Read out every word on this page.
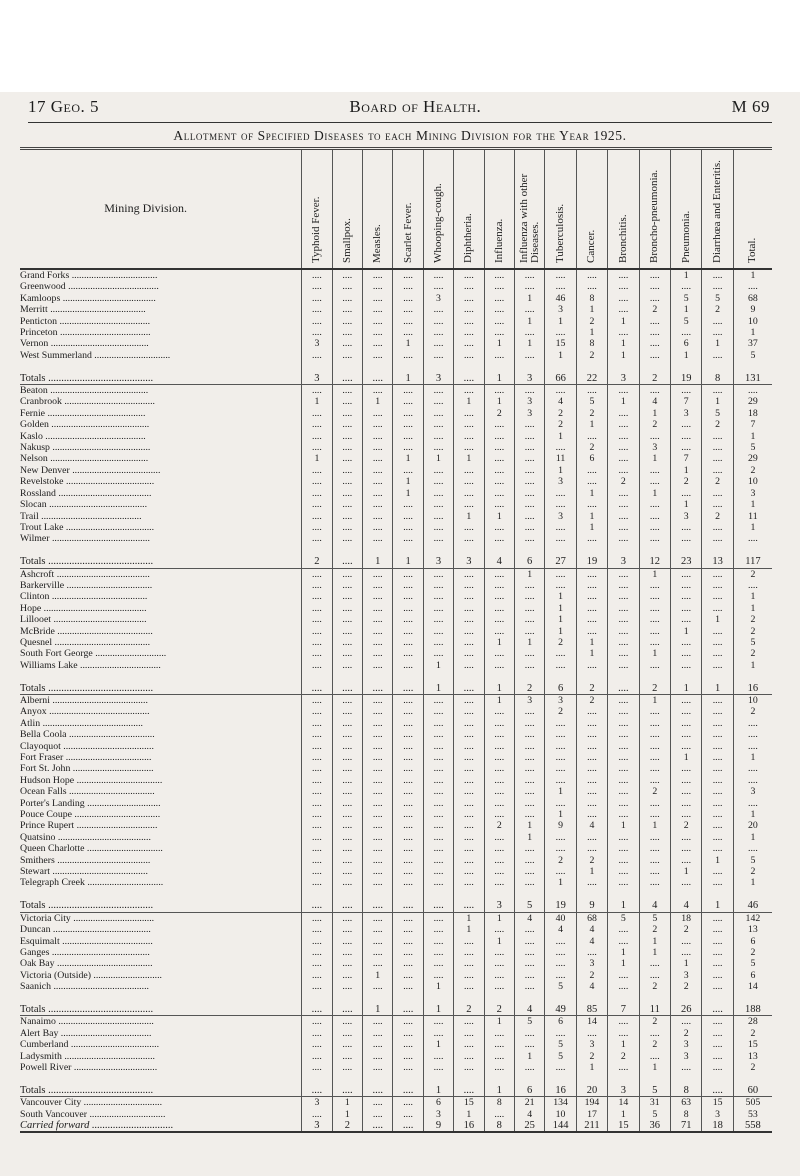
17 Geo. 5	Board of Health.	M 69
Allotment of Specified Diseases to each Mining Division for the Year 1925.
Mining Division.	Typhoid Fever.	Smallpox.	Measles.	Scarlet Fever.	Whooping-cough.	Diphtheria.	Influenza.	Influenza with other Diseases.	Tuberculosis.	Cancer.	Bronchitis.	Broncho-pneumonia.	Pneumonia.	Diarrhœa and Enteritis.	Total.

Grand Forks ...................................	....	....	....	....	....	....	....	....	....	....	....	....	1	....	1
Greenwood .....................................	....	....	....	....	....	....	....	....	....	....	....	....	....	....	....
Kamloops ......................................	....	....	....	....	3	....	....	1	46	8	....	....	5	5	68
Merritt .......................................	....	....	....	....	....	....	....	....	3	1	....	2	1	2	9
Penticton .....................................	....	....	....	....	....	....	....	1	1	2	1	....	5	....	10
Princeton .....................................	....	....	....	....	....	....	....	....	....	1	....	....	....	....	1
Vernon ........................................	3	....	....	1	....	....	1	1	15	8	1	....	6	1	37
West Summerland ...............................	....	....	....	....	....	....	....	....	1	2	1	....	1	....	5

Totals ........................................	3	....	....	1	3	....	1	3	66	22	3	2	19	8	131
Beaton ........................................	....	....	....	....	....	....	....	....	....	....	....	....	....	....	....
Cranbrook .....................................	1	....	1	....	....	1	1	3	4	5	1	4	7	1	29
Fernie ........................................	....	....	....	....	....	....	2	3	2	2	....	1	3	5	18
Golden ........................................	....	....	....	....	....	....	....	....	2	1	....	2	....	2	7
Kaslo .........................................	....	....	....	....	....	....	....	....	1	....	....	....	....	....	1
Nakusp ........................................	....	....	....	....	....	....	....	....	....	2	....	3	....	....	5
Nelson ........................................	1	....	....	1	1	1	....	....	11	6	....	1	7	....	29
New Denver ....................................	....	....	....	....	....	....	....	....	1	....	....	....	1	....	2
Revelstoke ....................................	....	....	....	1	....	....	....	....	3	....	2	....	2	2	10
Rossland ......................................	....	....	....	1	....	....	....	....	....	1	....	1	....	....	3
Slocan ........................................	....	....	....	....	....	....	....	....	....	....	....	....	1	....	1
Trail .........................................	....	....	....	....	....	1	1	....	3	1	....	....	3	2	11
Trout Lake ....................................	....	....	....	....	....	....	....	....	....	1	....	....	....	....	1
Wilmer ........................................	....	....	....	....	....	....	....	....	....	....	....	....	....	....	....

Totals ........................................	2	....	1	1	3	3	4	6	27	19	3	12	23	13	117
Ashcroft ......................................	....	....	....	....	....	....	....	1	....	....	....	1	....	....	2
Barkerville ...................................	....	....	....	....	....	....	....	....	....	....	....	....	....	....	....
Clinton .......................................	....	....	....	....	....	....	....	....	1	....	....	....	....	....	1
Hope ..........................................	....	....	....	....	....	....	....	....	1	....	....	....	....	....	1
Lillooet ......................................	....	....	....	....	....	....	....	....	1	....	....	....	....	1	2
McBride .......................................	....	....	....	....	....	....	....	....	1	....	....	....	1	....	2
Quesnel .......................................	....	....	....	....	....	....	1	1	2	1	....	....	....	....	5
South Fort George .............................	....	....	....	....	....	....	....	....	....	1	....	1	....	....	2
Williams Lake .................................	....	....	....	....	1	....	....	....	....	....	....	....	....	....	1

Totals ........................................	....	....	....	....	1	....	1	2	6	2	....	2	1	1	16
Alberni .......................................	....	....	....	....	....	....	1	3	3	2	....	1	....	....	10
Anyox .........................................	....	....	....	....	....	....	....	....	2	....	....	....	....	....	2
Atlin .........................................	....	....	....	....	....	....	....	....	....	....	....	....	....	....	....
Bella Coola ...................................	....	....	....	....	....	....	....	....	....	....	....	....	....	....	....
Clayoquot .....................................	....	....	....	....	....	....	....	....	....	....	....	....	....	....	....
Fort Fraser ...................................	....	....	....	....	....	....	....	....	....	....	....	....	1	....	1
Fort St. John .................................	....	....	....	....	....	....	....	....	....	....	....	....	....	....	....
Hudson Hope ...................................	....	....	....	....	....	....	....	....	....	....	....	....	....	....	....
Ocean Falls ...................................	....	....	....	....	....	....	....	....	1	....	....	2	....	....	3
Porter's Landing ..............................	....	....	....	....	....	....	....	....	....	....	....	....	....	....	....
Pouce Coupe ...................................	....	....	....	....	....	....	....	....	1	....	....	....	....	....	1
Prince Rupert .................................	....	....	....	....	....	....	2	1	9	4	1	1	2	....	20
Quatsino ......................................	....	....	....	....	....	....	....	1	....	....	....	....	....	....	1
Queen Charlotte ...............................	....	....	....	....	....	....	....	....	....	....	....	....	....	....	....
Smithers ......................................	....	....	....	....	....	....	....	....	2	2	....	....	....	1	5
Stewart .......................................	....	....	....	....	....	....	....	....	....	1	....	....	1	....	2
Telegraph Creek ...............................	....	....	....	....	....	....	....	....	1	....	....	....	....	....	1

Totals ........................................	....	....	....	....	....	....	3	5	19	9	1	4	4	1	46
Victoria City .................................	....	....	....	....	....	1	1	4	40	68	5	5	18	....	142
Duncan ........................................	....	....	....	....	....	1	....	....	4	4	....	2	2	....	13
Esquimalt .....................................	....	....	....	....	....	....	1	....	....	4	....	1	....	....	6
Ganges ........................................	....	....	....	....	....	....	....	....	....	....	1	1	....	....	2
Oak Bay .......................................	....	....	....	....	....	....	....	....	....	3	1	....	1	....	5
Victoria (Outside) ............................	....	....	1	....	....	....	....	....	....	2	....	....	3	....	6
Saanich .......................................	....	....	....	....	1	....	....	....	5	4	....	2	2	....	14

Totals ........................................	....	....	1	....	1	2	2	4	49	85	7	11	26	....	188
Nanaimo .......................................	....	....	....	....	....	....	1	5	6	14	....	2	....	....	28
Alert Bay .....................................	....	....	....	....	....	....	....	....	....	....	....	....	2	....	2
Cumberland ....................................	....	....	....	....	1	....	....	....	5	3	1	2	3	....	15
Ladysmith .....................................	....	....	....	....	....	....	....	1	5	2	2	....	3	....	13
Powell River ..................................	....	....	....	....	....	....	....	....	....	1	....	1	....	....	2

Totals ........................................	....	....	....	....	1	....	1	6	16	20	3	5	8	....	60
Vancouver City ................................	3	1	....	....	6	15	8	21	134	194	14	31	63	15	505
South Vancouver ...............................	....	1	....	....	3	1	....	4	10	17	1	5	8	3	53
Carried forward ...............................	3	2	....	....	9	16	8	25	144	211	15	36	71	18	558
